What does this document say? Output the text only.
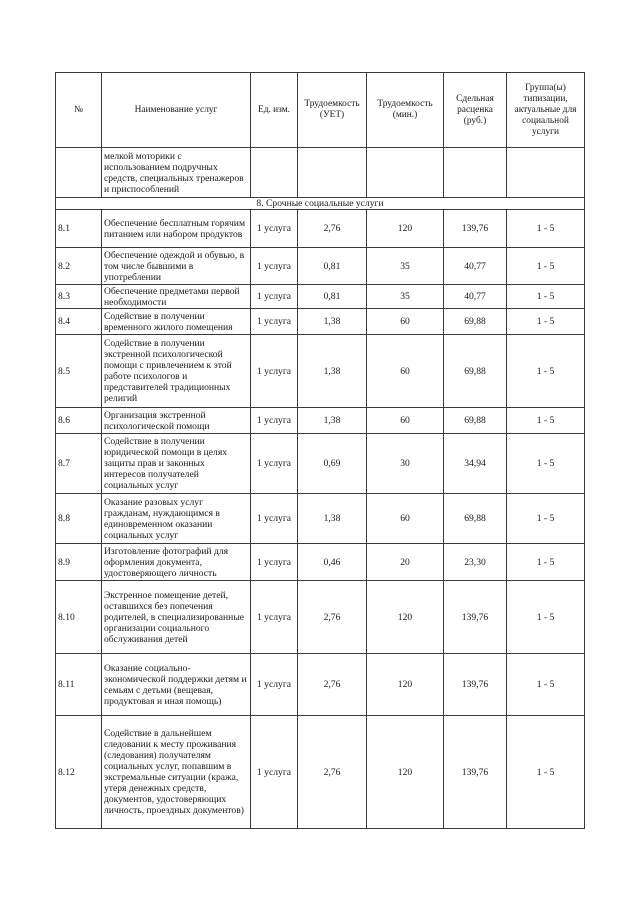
№	Наименование услуг	Ед. изм.	Трудоемкость (УЕТ)	Трудоемкость (мин.)	Сдельная расценка (руб.)	Группа(ы) типизации, актуальные для социальной услуги
	мелкой моторики с использованием подручных средств, специальных тренажеров и приспособлений					
8. Срочные социальные услуги						
8.1	Обеспечение бесплатным горячим питанием или набором продуктов	1 услуга	2,76	120	139,76	1 - 5
8.2	Обеспечение одеждой и обувью, в том числе бывшими в употреблении	1 услуга	0,81	35	40,77	1 - 5
8.3	Обеспечение предметами первой необходимости	1 услуга	0,81	35	40,77	1 - 5
8.4	Содействие в получении временного жилого помещения	1 услуга	1,38	60	69,88	1 - 5
8.5	Содействие в получении экстренной психологической помощи с привлечением к этой работе психологов и представителей традиционных религий	1 услуга	1,38	60	69,88	1 - 5
8.6	Организация экстренной психологической помощи	1 услуга	1,38	60	69,88	1 - 5
8.7	Содействие в получении юридической помощи в целях защиты прав и законных интересов получателей социальных услуг	1 услуга	0,69	30	34,94	1 - 5
8.8	Оказание разовых услуг гражданам, нуждающимся в единовременном оказании социальных услуг	1 услуга	1,38	60	69,88	1 - 5
8.9	Изготовление фотографий для оформления документа, удостоверяющего личность	1 услуга	0,46	20	23,30	1 - 5
8.10	Экстренное помещение детей, оставшихся без попечения родителей, в специализированные организации социального обслуживания детей	1 услуга	2,76	120	139,76	1 - 5
8.11	Оказание социально-экономической поддержки детям и семьям с детьми (вещевая, продуктовая и иная помощь)	1 услуга	2,76	120	139,76	1 - 5
8.12	Содействие в дальнейшем следовании к месту проживания (следования) получателям социальных услуг, попавшим в экстремальные ситуации (кража, утеря денежных средств, документов, удостоверяющих личность, проездных документов)	1 услуга	2,76	120	139,76	1 - 5
